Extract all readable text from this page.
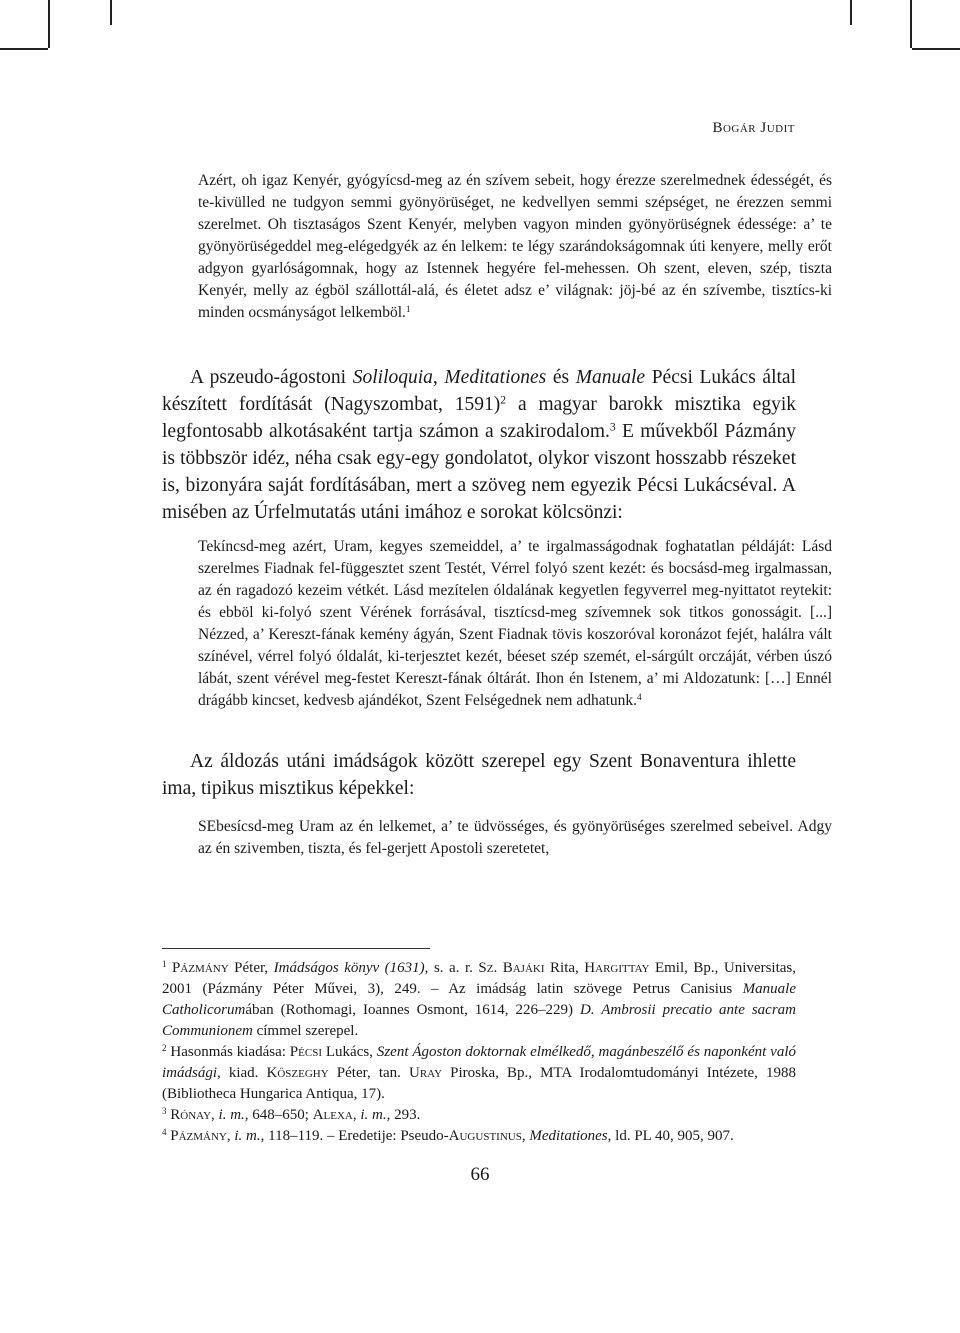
Bogár Judit

Azért, oh igaz Kenyér, gyógyícsd-meg az én szívem sebeit, hogy érezze szerelmednek édességét, és te-kivülled ne tudgyon semmi gyönyörüséget, ne kedvellyen semmi szépséget, ne érezzen semmi szerelmet. Oh tisztaságos Szent Kenyér, melyben vagyon minden gyönyörüségnek édessége: a’ te gyönyörüségeddel meg-elégedgyék az én lelkem: te légy szarándokságomnak úti kenyere, melly erőt adgyon gyarlóságomnak, hogy az Istennek hegyére fel-mehessen. Oh szent, eleven, szép, tiszta Kenyér, melly az égböl szállottál-alá, és életet adsz e’ világnak: jöj-bé az én szívembe, tisztícs-ki minden ocsmányságot lelkemböl.$^1$

A pszeudo-ágostoni Soliloquia, Meditationes és Manuale Pécsi Lukács által készített fordítását (Nagyszombat, 1591)$^2$ a magyar barokk misztika egyik legfontosabb alkotásaként tartja számon a szakirodalom.$^3$ E művekből Pázmány is többször idéz, néha csak egy-egy gondolatot, olykor viszont hosszabb részeket is, bizonyára saját fordításában, mert a szöveg nem egyezik Pécsi Lukácséval. A misében az Úrfelmutatás utáni imához e sorokat kölcsönzi:

Tekíncsd-meg azért, Uram, kegyes szemeiddel, a’ te irgalmasságodnak foghatatlan példáját: Lásd szerelmes Fiadnak fel-függesztet szent Testét, Vérrel folyó szent kezét: és bocsásd-meg irgalmassan, az én ragadozó kezeim vétkét. Lásd mezítelen óldalának kegyetlen fegyverrel meg-nyittatot reytekit: és ebböl ki-folyó szent Vérének forrásával, tisztícsd-meg szívemnek sok titkos gonosságit. [...] Nézzed, a’ Kereszt-fának kemény ágyán, Szent Fiadnak tövis koszoróval koronázot fejét, halálra vált színével, vérrel folyó óldalát, ki-terjesztet kezét, béeset szép szemét, el-sárgúlt orczáját, vérben úszó lábát, szent vérével meg-festet Kereszt-fának óltárát. Ihon én Istenem, a’ mi Aldozatunk: […] Ennél drágább kincset, kedvesb ajándékot, Szent Felségednek nem adhatunk.$^4$

Az áldozás utáni imádságok között szerepel egy Szent Bonaventura ihlette ima, tipikus misztikus képekkel:

SEbesícsd-meg Uram az én lelkemet, a’ te üdvösséges, és gyönyörüséges szerelmed sebeivel. Adgy az én szivemben, tiszta, és fel-gerjett Apostoli szeretetet,

$^1$ Pázmány Péter, Imádságos könyv (1631), s. a. r. Sz. Bajáki Rita, Hargittay Emil, Bp., Universitas, 2001 (Pázmány Péter Művei, 3), 249. – Az imádság latin szövege Petrus Canisius Manuale Catholicorumában (Rothomagi, Ioannes Osmont, 1614, 226–229) D. Ambrosii precatio ante sacram Communionem címmel szerepel.

$^2$ Hasonmás kiadása: Pécsi Lukács, Szent Ágoston doktornak elmélkedő, magánbeszélő és naponként való imádsági, kiad. Kőszeghy Péter, tan. Uray Piroska, Bp., MTA Irodalomtudományi Intézete, 1988 (Bibliotheca Hungarica Antiqua, 17).

$^3$ Rónay, i. m., 648–650; Alexa, i. m., 293.

$^4$ Pázmány, i. m., 118–119. – Eredetije: Pseudo-Augustinus, Meditationes, ld. PL 40, 905, 907.

66
